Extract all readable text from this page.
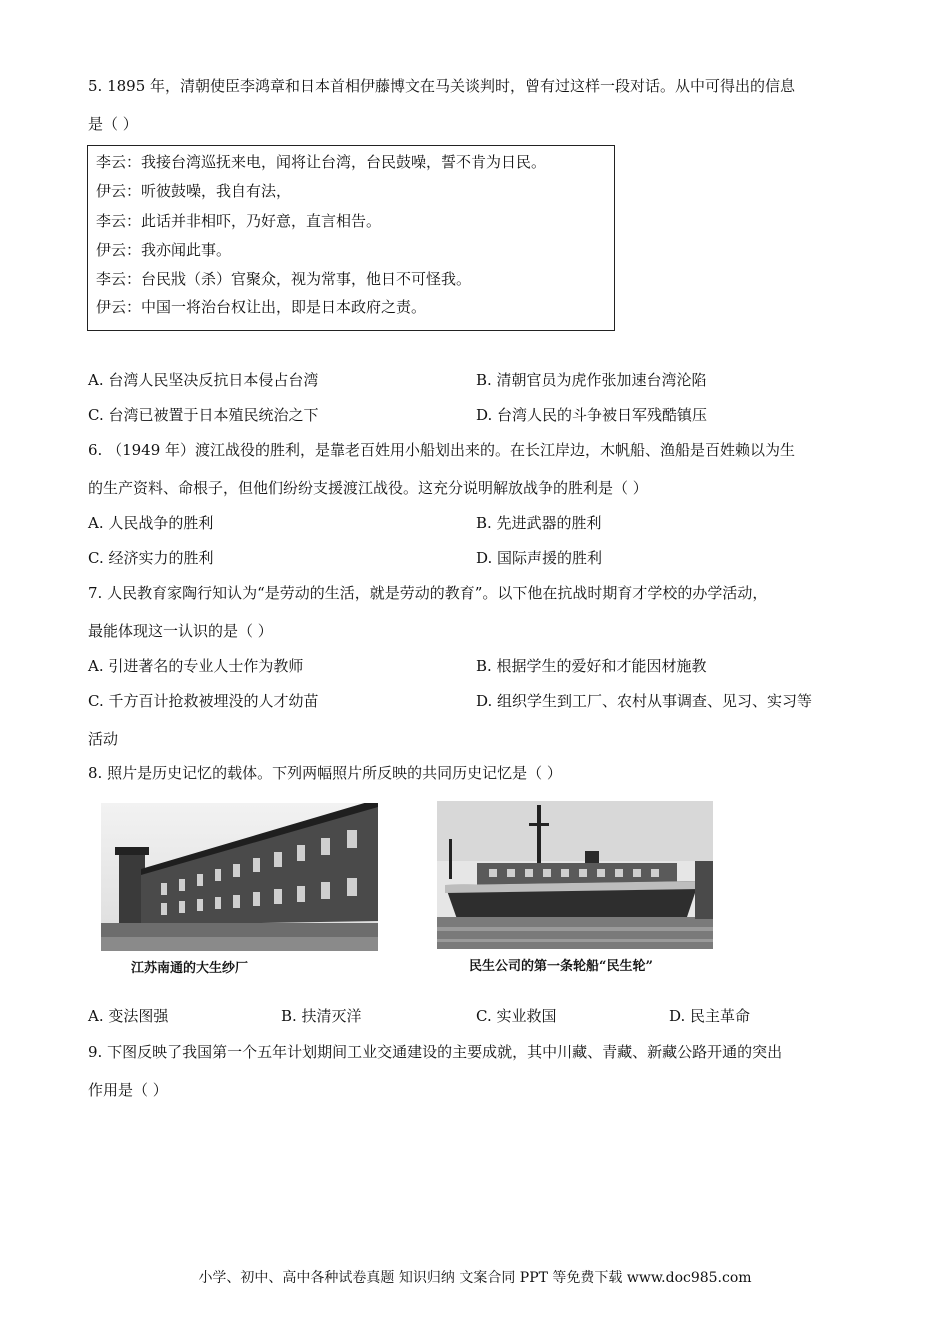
5. 1895 年，清朝使臣李鸿章和日本首相伊藤博文在马关谈判时，曾有过这样一段对话。从中可得出的信息
是（ ）
李云：我接台湾巡抚来电，闻将让台湾，台民鼓噪，誓不肯为日民。
伊云：听彼鼓噪，我自有法，
李云：此话并非相吓，乃好意，直言相告。
伊云：我亦闻此事。
李云：台民戕（杀）官聚众，视为常事，他日不可怪我。
伊云：中国一将治台权让出，即是日本政府之责。
A. 台湾人民坚决反抗日本侵占台湾	B. 清朝官员为虎作张加速台湾沦陷
C. 台湾已被置于日本殖民统治之下	D. 台湾人民的斗争被日军残酷镇压
6. （1949 年）渡江战役的胜利，是靠老百姓用小船划出来的。在长江岸边，木帆船、渔船是百姓赖以为生
的生产资料、命根子，但他们纷纷支援渡江战役。这充分说明解放战争的胜利是（ ）
A. 人民战争的胜利	B. 先进武器的胜利
C. 经济实力的胜利	D. 国际声援的胜利
7. 人民教育家陶行知认为“是劳动的生活，就是劳动的教育”。以下他在抗战时期育才学校的办学活动，
最能体现这一认识的是（ ）
A. 引进著名的专业人士作为教师	B. 根据学生的爱好和才能因材施教
C. 千方百计抢救被埋没的人才幼苗	D. 组织学生到工厂、农村从事调查、见习、实习等
活动
8. 照片是历史记忆的载体。下列两幅照片所反映的共同历史记忆是（ ）
江苏南通的大生纱厂	民生公司的第一条轮船“民生轮”
A. 变法图强	B. 扶清灭洋	C. 实业救国	D. 民主革命
9. 下图反映了我国第一个五年计划期间工业交通建设的主要成就，其中川藏、青藏、新藏公路开通的突出
作用是（ ）
小学、初中、高中各种试卷真题 知识归纳 文案合同 PPT 等免费下载 www.doc985.com
